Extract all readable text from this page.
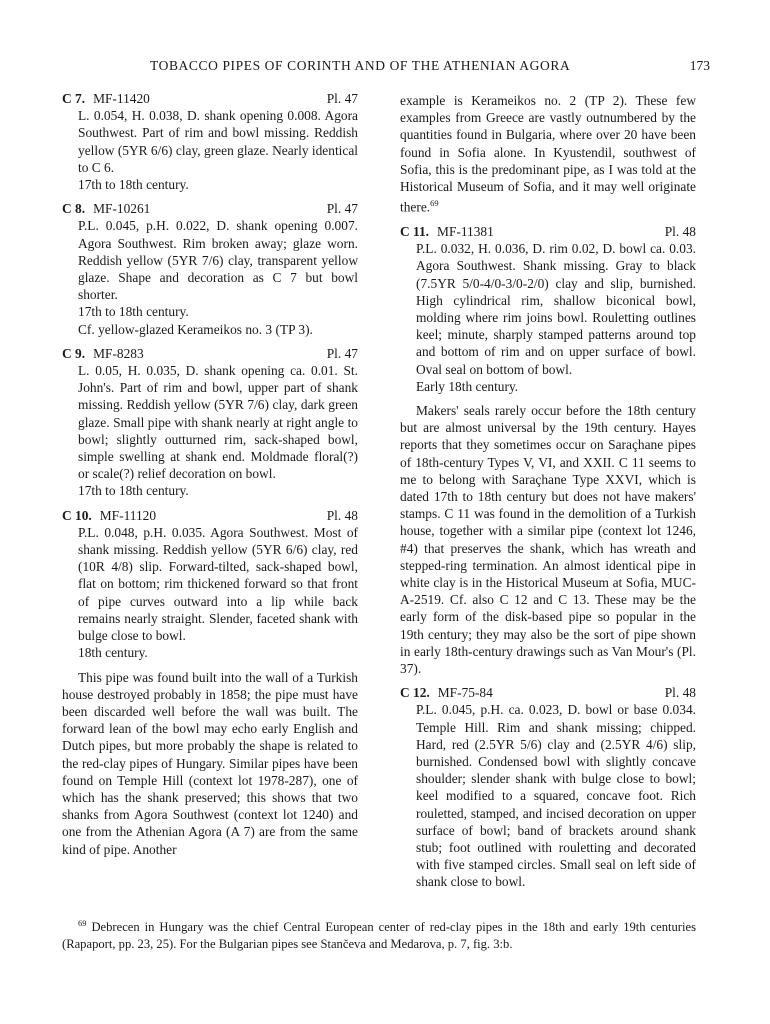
TOBACCO PIPES OF CORINTH AND OF THE ATHENIAN AGORA	173
C 7. MF-11420	Pl. 47
L. 0.054, H. 0.038, D. shank opening 0.008. Agora Southwest. Part of rim and bowl missing. Reddish yellow (5YR 6/6) clay, green glaze. Nearly identical to C 6.
17th to 18th century.
C 8. MF-10261	Pl. 47
P.L. 0.045, p.H. 0.022, D. shank opening 0.007. Agora Southwest. Rim broken away; glaze worn. Reddish yellow (5YR 7/6) clay, transparent yellow glaze. Shape and decoration as C 7 but bowl shorter.
17th to 18th century.
Cf. yellow-glazed Kerameikos no. 3 (TP 3).
C 9. MF-8283	Pl. 47
L. 0.05, H. 0.035, D. shank opening ca. 0.01. St. John's. Part of rim and bowl, upper part of shank missing. Reddish yellow (5YR 7/6) clay, dark green glaze. Small pipe with shank nearly at right angle to bowl; slightly outturned rim, sack-shaped bowl, simple swelling at shank end. Moldmade floral(?) or scale(?) relief decoration on bowl.
17th to 18th century.
C 10. MF-11120	Pl. 48
P.L. 0.048, p.H. 0.035. Agora Southwest. Most of shank missing. Reddish yellow (5YR 6/6) clay, red (10R 4/8) slip. Forward-tilted, sack-shaped bowl, flat on bottom; rim thickened forward so that front of pipe curves outward into a lip while back remains nearly straight. Slender, faceted shank with bulge close to bowl.
18th century.

This pipe was found built into the wall of a Turkish house destroyed probably in 1858; the pipe must have been discarded well before the wall was built. The forward lean of the bowl may echo early English and Dutch pipes, but more probably the shape is related to the red-clay pipes of Hungary. Similar pipes have been found on Temple Hill (context lot 1978-287), one of which has the shank preserved; this shows that two shanks from Agora Southwest (context lot 1240) and one from the Athenian Agora (A 7) are from the same kind of pipe. Another

example is Kerameikos no. 2 (TP 2). These few examples from Greece are vastly outnumbered by the quantities found in Bulgaria, where over 20 have been found in Sofia alone. In Kyustendil, southwest of Sofia, this is the predominant pipe, as I was told at the Historical Museum of Sofia, and it may well originate there.$^{69}$

C 11. MF-11381	Pl. 48
P.L. 0.032, H. 0.036, D. rim 0.02, D. bowl ca. 0.03. Agora Southwest. Shank missing. Gray to black (7.5YR 5/0-4/0-3/0-2/0) clay and slip, burnished. High cylindrical rim, shallow biconical bowl, molding where rim joins bowl. Rouletting outlines keel; minute, sharply stamped patterns around top and bottom of rim and on upper surface of bowl. Oval seal on bottom of bowl.
Early 18th century.

Makers' seals rarely occur before the 18th century but are almost universal by the 19th century. Hayes reports that they sometimes occur on Saraçhane pipes of 18th-century Types V, VI, and XXII. C 11 seems to me to belong with Saraçhane Type XXVI, which is dated 17th to 18th century but does not have makers' stamps. C 11 was found in the demolition of a Turkish house, together with a similar pipe (context lot 1246, #4) that preserves the shank, which has wreath and stepped-ring termination. An almost identical pipe in white clay is in the Historical Museum at Sofia, MUC-A-2519. Cf. also C 12 and C 13. These may be the early form of the disk-based pipe so popular in the 19th century; they may also be the sort of pipe shown in early 18th-century drawings such as Van Mour's (Pl. 37).

C 12. MF-75-84	Pl. 48
P.L. 0.045, p.H. ca. 0.023, D. bowl or base 0.034. Temple Hill. Rim and shank missing; chipped. Hard, red (2.5YR 5/6) clay and (2.5YR 4/6) slip, burnished. Condensed bowl with slightly concave shoulder; slender shank with bulge close to bowl; keel modified to a squared, concave foot. Rich rouletted, stamped, and incised decoration on upper surface of bowl; band of brackets around shank stub; foot outlined with rouletting and decorated with five stamped circles. Small seal on left side of shank close to bowl.
$^{69}$ Debrecen in Hungary was the chief Central European center of red-clay pipes in the 18th and early 19th centuries (Rapaport, pp. 23, 25). For the Bulgarian pipes see Stančeva and Medarova, p. 7, fig. 3:b.
